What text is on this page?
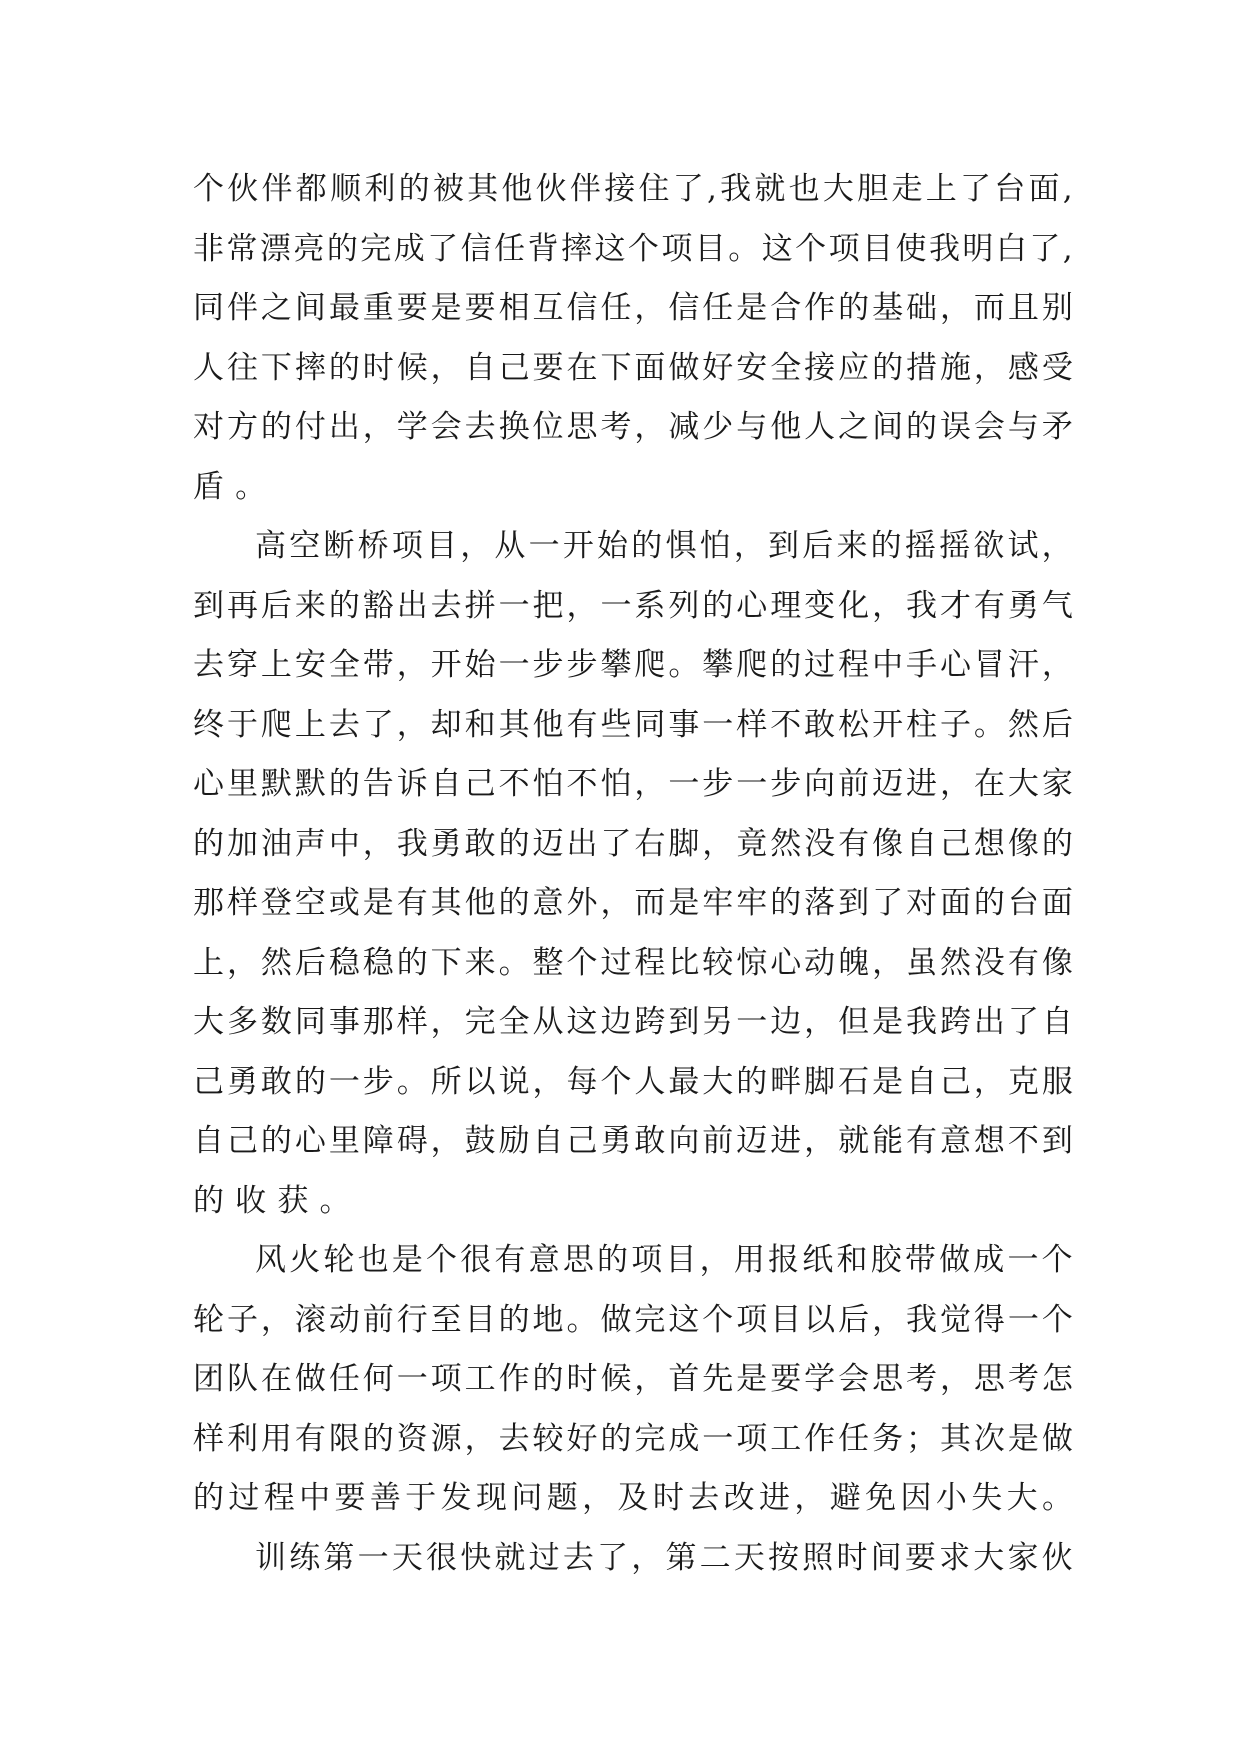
个 伙 伴 都 顺 利 的 被 其 他 伙 伴 接 住 了 , 我 就 也 大 胆 走 上 了 台 面 ,
非 常 漂 亮 的 完 成 了 信 任 背 摔 这 个 项 目 。 这 个 项 目 使 我 明 白 了 ,
同 伴 之 间 最 重 要 是 要 相 互 信 任 ， 信 任 是 合 作 的 基 础 ， 而 且 别
人 往 下 摔 的 时 候 ， 自 己 要 在 下 面 做 好 安 全 接 应 的 措 施 ， 感 受
对 方 的 付 出 ， 学 会 去 换 位 思 考 ， 减 少 与 他 人 之 间 的 误 会 与 矛
盾。
高 空 断 桥 项 目 ， 从 一 开 始 的 惧 怕 ， 到 后 来 的 摇 摇 欲 试 ，
到 再 后 来 的 豁 出 去 拼 一 把 ， 一 系 列 的 心 理 变 化 ， 我 才 有 勇 气
去 穿 上 安 全 带 ， 开 始 一 步 步 攀 爬 。 攀 爬 的 过 程 中 手 心 冒 汗 ，
终 于 爬 上 去 了 ， 却 和 其 他 有 些 同 事 一 样 不 敢 松 开 柱 子 。 然 后
心 里 默 默 的 告 诉 自 己 不 怕 不 怕 ， 一 步 一 步 向 前 迈 进 ， 在 大 家
的 加 油 声 中 ， 我 勇 敢 的 迈 出 了 右 脚 ， 竟 然 没 有 像 自 己 想 像 的
那 样 登 空 或 是 有 其 他 的 意 外 ， 而 是 牢 牢 的 落 到 了 对 面 的 台 面
上 ， 然 后 稳 稳 的 下 来 。 整 个 过 程 比 较 惊 心 动 魄 ， 虽 然 没 有 像
大 多 数 同 事 那 样 ， 完 全 从 这 边 跨 到 另 一 边 ， 但 是 我 跨 出 了 自
己 勇 敢 的 一 步 。 所 以 说 ， 每 个 人 最 大 的 畔 脚 石 是 自 己 ， 克 服
自 己 的 心 里 障 碍 ， 鼓 励 自 己 勇 敢 向 前 迈 进 ， 就 能 有 意 想 不 到
的收获。
风 火 轮 也 是 个 很 有 意 思 的 项 目 ， 用 报 纸 和 胶 带 做 成 一 个
轮 子 ， 滚 动 前 行 至 目 的 地 。 做 完 这 个 项 目 以 后 ， 我 觉 得 一 个
团 队 在 做 任 何 一 项 工 作 的 时 候 ， 首 先 是 要 学 会 思 考 ， 思 考 怎
样 利 用 有 限 的 资 源 ， 去 较 好 的 完 成 一 项 工 作 任 务 ； 其 次 是 做
的 过 程 中 要 善 于 发 现 问 题 ， 及 时 去 改 进 ， 避 免 因 小 失 大 。
训 练 第 一 天 很 快 就 过 去 了 ， 第 二 天 按 照 时 间 要 求 大 家 伙
